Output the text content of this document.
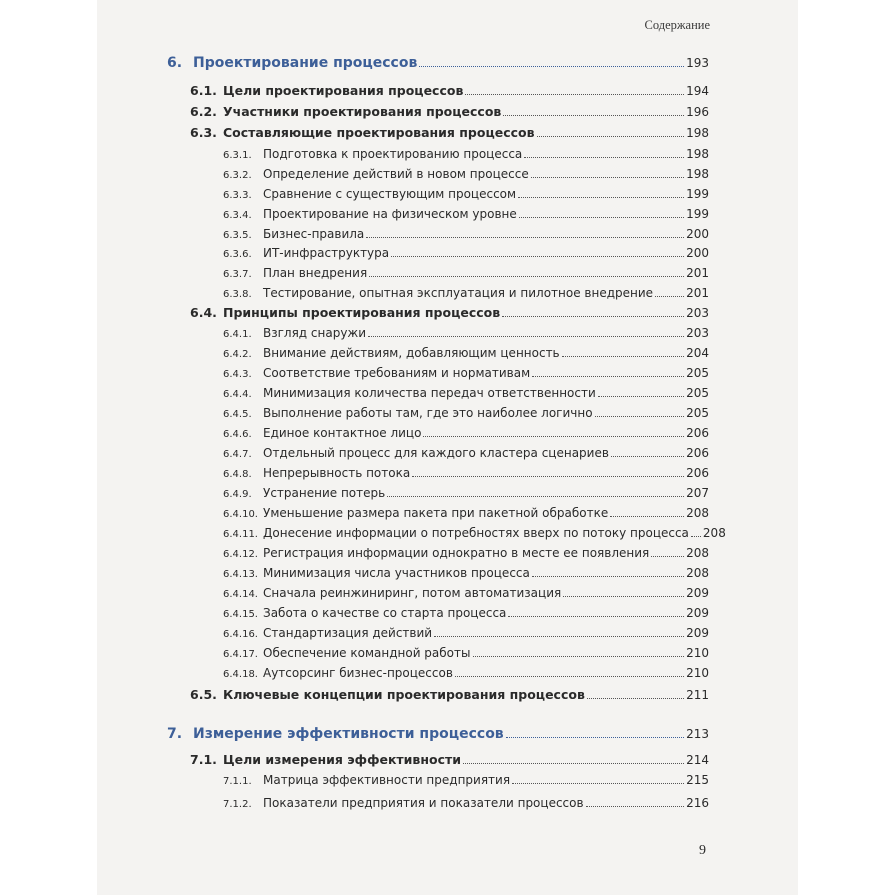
Содержание
6. Проектирование процессов	193
6.1. Цели проектирования процессов	194
6.2. Участники проектирования процессов	196
6.3. Составляющие проектирования процессов	198
6.3.1. Подготовка к проектированию процесса	198
6.3.2. Определение действий в новом процессе	198
6.3.3. Сравнение с существующим процессом	199
6.3.4. Проектирование на физическом уровне	199
6.3.5. Бизнес-правила	200
6.3.6. ИТ-инфраструктура	200
6.3.7. План внедрения	201
6.3.8. Тестирование, опытная эксплуатация и пилотное внедрение	201
6.4. Принципы проектирования процессов	203
6.4.1. Взгляд снаружи	203
6.4.2. Внимание действиям, добавляющим ценность	204
6.4.3. Соответствие требованиям и нормативам	205
6.4.4. Минимизация количества передач ответственности	205
6.4.5. Выполнение работы там, где это наиболее логично	205
6.4.6. Единое контактное лицо	206
6.4.7. Отдельный процесс для каждого кластера сценариев	206
6.4.8. Непрерывность потока	206
6.4.9. Устранение потерь	207
6.4.10. Уменьшение размера пакета при пакетной обработке	208
6.4.11. Донесение информации о потребностях вверх по потоку процесса 208
6.4.12. Регистрация информации однократно в месте ее появления	208
6.4.13. Минимизация числа участников процесса	208
6.4.14. Сначала реинжиниринг, потом автоматизация	209
6.4.15. Забота о качестве со старта процесса	209
6.4.16. Стандартизация действий	209
6.4.17. Обеспечение командной работы	210
6.4.18. Аутсорсинг бизнес-процессов	210
6.5. Ключевые концепции проектирования процессов	211
7. Измерение эффективности процессов	213
7.1. Цели измерения эффективности	214
7.1.1. Матрица эффективности предприятия	215
7.1.2. Показатели предприятия и показатели процессов	216
9
